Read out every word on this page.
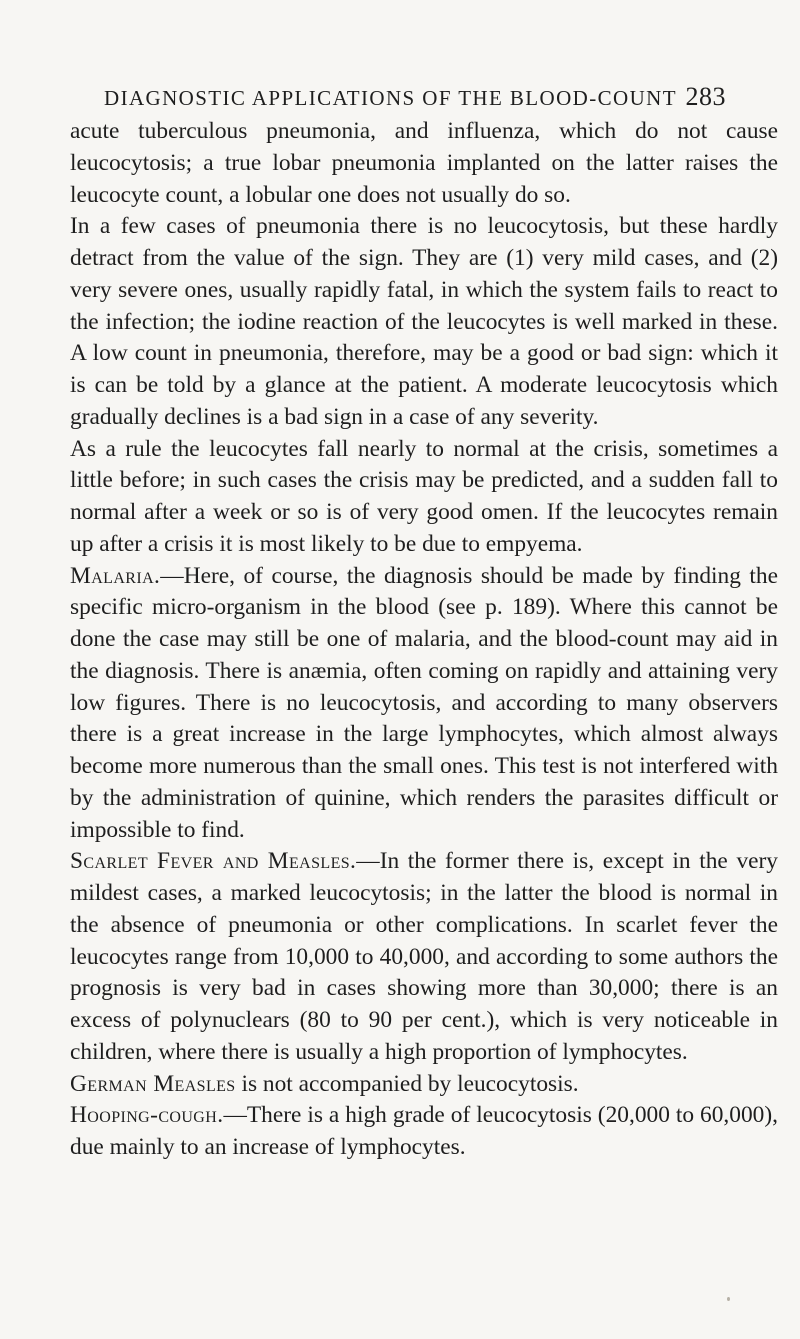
DIAGNOSTIC APPLICATIONS OF THE BLOOD-COUNT 283

acute tuberculous pneumonia, and influenza, which do not cause leucocytosis; a true lobar pneumonia implanted on the latter raises the leucocyte count, a lobular one does not usually do so.

In a few cases of pneumonia there is no leucocytosis, but these hardly detract from the value of the sign. They are (1) very mild cases, and (2) very severe ones, usually rapidly fatal, in which the system fails to react to the infection; the iodine reaction of the leucocytes is well marked in these. A low count in pneumonia, therefore, may be a good or bad sign: which it is can be told by a glance at the patient. A moderate leucocytosis which gradually declines is a bad sign in a case of any severity.

As a rule the leucocytes fall nearly to normal at the crisis, sometimes a little before; in such cases the crisis may be predicted, and a sudden fall to normal after a week or so is of very good omen. If the leucocytes remain up after a crisis it is most likely to be due to empyema.

Malaria.—Here, of course, the diagnosis should be made by finding the specific micro-organism in the blood (see p. 189). Where this cannot be done the case may still be one of malaria, and the blood-count may aid in the diagnosis. There is anæmia, often coming on rapidly and attaining very low figures. There is no leucocytosis, and according to many observers there is a great increase in the large lymphocytes, which almost always become more numerous than the small ones. This test is not interfered with by the administration of quinine, which renders the parasites difficult or impossible to find.

Scarlet Fever and Measles.—In the former there is, except in the very mildest cases, a marked leucocytosis; in the latter the blood is normal in the absence of pneumonia or other complications. In scarlet fever the leucocytes range from 10,000 to 40,000, and according to some authors the prognosis is very bad in cases showing more than 30,000; there is an excess of polynuclears (80 to 90 per cent.), which is very noticeable in children, where there is usually a high proportion of lymphocytes.

German Measles is not accompanied by leucocytosis.

Hooping-cough.—There is a high grade of leucocytosis (20,000 to 60,000), due mainly to an increase of lymphocytes.
